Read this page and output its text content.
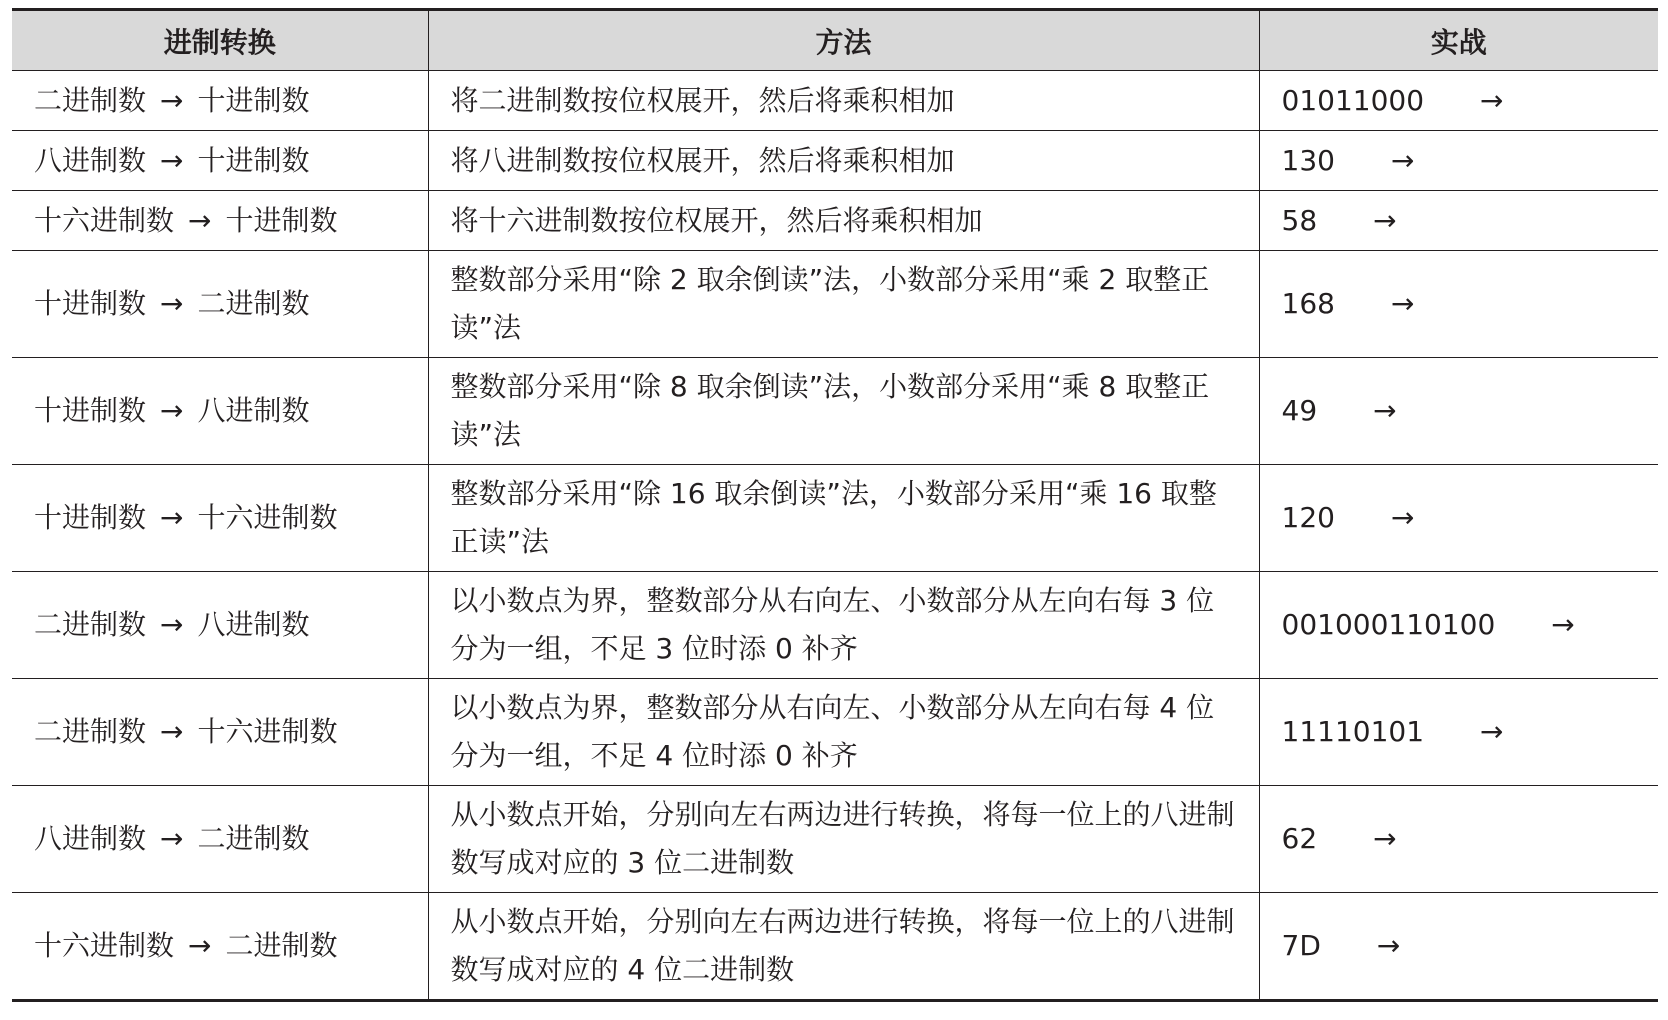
进制转换	方法	实战
二进制数 → 十进制数	将二进制数按位权展开，然后将乘积相加	01011000 →
八进制数 → 十进制数	将八进制数按位权展开，然后将乘积相加	130 →
十六进制数 → 十进制数	将十六进制数按位权展开，然后将乘积相加	58 →
十进制数 → 二进制数	整数部分采用“除 2 取余倒读”法，小数部分采用“乘 2 取整正读”法	168 →
十进制数 → 八进制数	整数部分采用“除 8 取余倒读”法，小数部分采用“乘 8 取整正读”法	49 →
十进制数 → 十六进制数	整数部分采用“除 16 取余倒读”法，小数部分采用“乘 16 取整正读”法	120 →
二进制数 → 八进制数	以小数点为界，整数部分从右向左、小数部分从左向右每 3 位分为一组，不足 3 位时添 0 补齐	001000110100 →
二进制数 → 十六进制数	以小数点为界，整数部分从右向左、小数部分从左向右每 4 位分为一组，不足 4 位时添 0 补齐	11110101 →
八进制数 → 二进制数	从小数点开始，分别向左右两边进行转换，将每一位上的八进制数写成对应的 3 位二进制数	62 →
十六进制数 → 二进制数	从小数点开始，分别向左右两边进行转换，将每一位上的八进制数写成对应的 4 位二进制数	7D →
